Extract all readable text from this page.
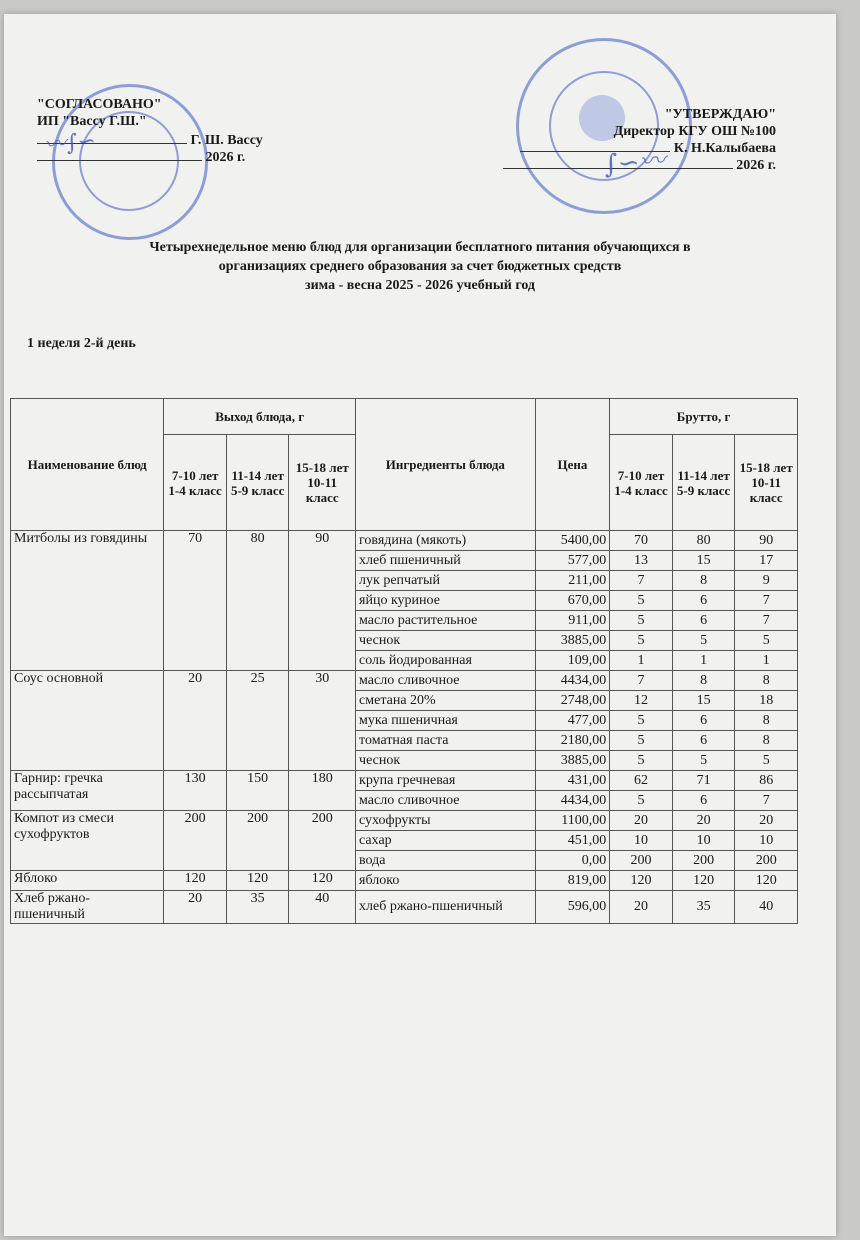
"СОГЛАСОВАНО"
ИП "Вассу Г.Ш."
Г. Ш. Вассу
2026 г.
"УТВЕРЖДАЮ"
Директор КГУ ОШ №100
К. Н.Калыбаева
2026 г.
〰∫∽
∫∽〰
Четырехнедельное меню блюд для организации бесплатного питания обучающихся в
организациях среднего образования за счет бюджетных средств
зима - весна 2025 - 2026 учебный год
1 неделя 2-й день
Наименование блюд	Выход блюда, г			Ингредиенты блюда	Цена	Брутто, г		
	7-10 лет 1-4 класс	11-14 лет 5-9 класс	15-18 лет 10-11 класс			7-10 лет 1-4 класс	11-14 лет 5-9 класс	15-18 лет 10-11 класс
Митболы из говядины	70	80	90	говядина (мякоть)	5400,00	70	80	90
				хлеб пшеничный	577,00	13	15	17
				лук репчатый	211,00	7	8	9
				яйцо куриное	670,00	5	6	7
				масло растительное	911,00	5	6	7
				чеснок	3885,00	5	5	5
				соль йодированная	109,00	1	1	1
Соус основной	20	25	30	масло сливочное	4434,00	7	8	8
				сметана 20%	2748,00	12	15	18
				мука пшеничная	477,00	5	6	8
				томатная паста	2180,00	5	6	8
				чеснок	3885,00	5	5	5
Гарнир: гречка рассыпчатая	130	150	180	крупа гречневая	431,00	62	71	86
				масло сливочное	4434,00	5	6	7
Компот из смеси сухофруктов	200	200	200	сухофрукты	1100,00	20	20	20
				сахар	451,00	10	10	10
				вода	0,00	200	200	200
Яблоко	120	120	120	яблоко	819,00	120	120	120
Хлеб ржано-пшеничный	20	35	40	хлеб ржано-пшеничный	596,00	20	35	40
